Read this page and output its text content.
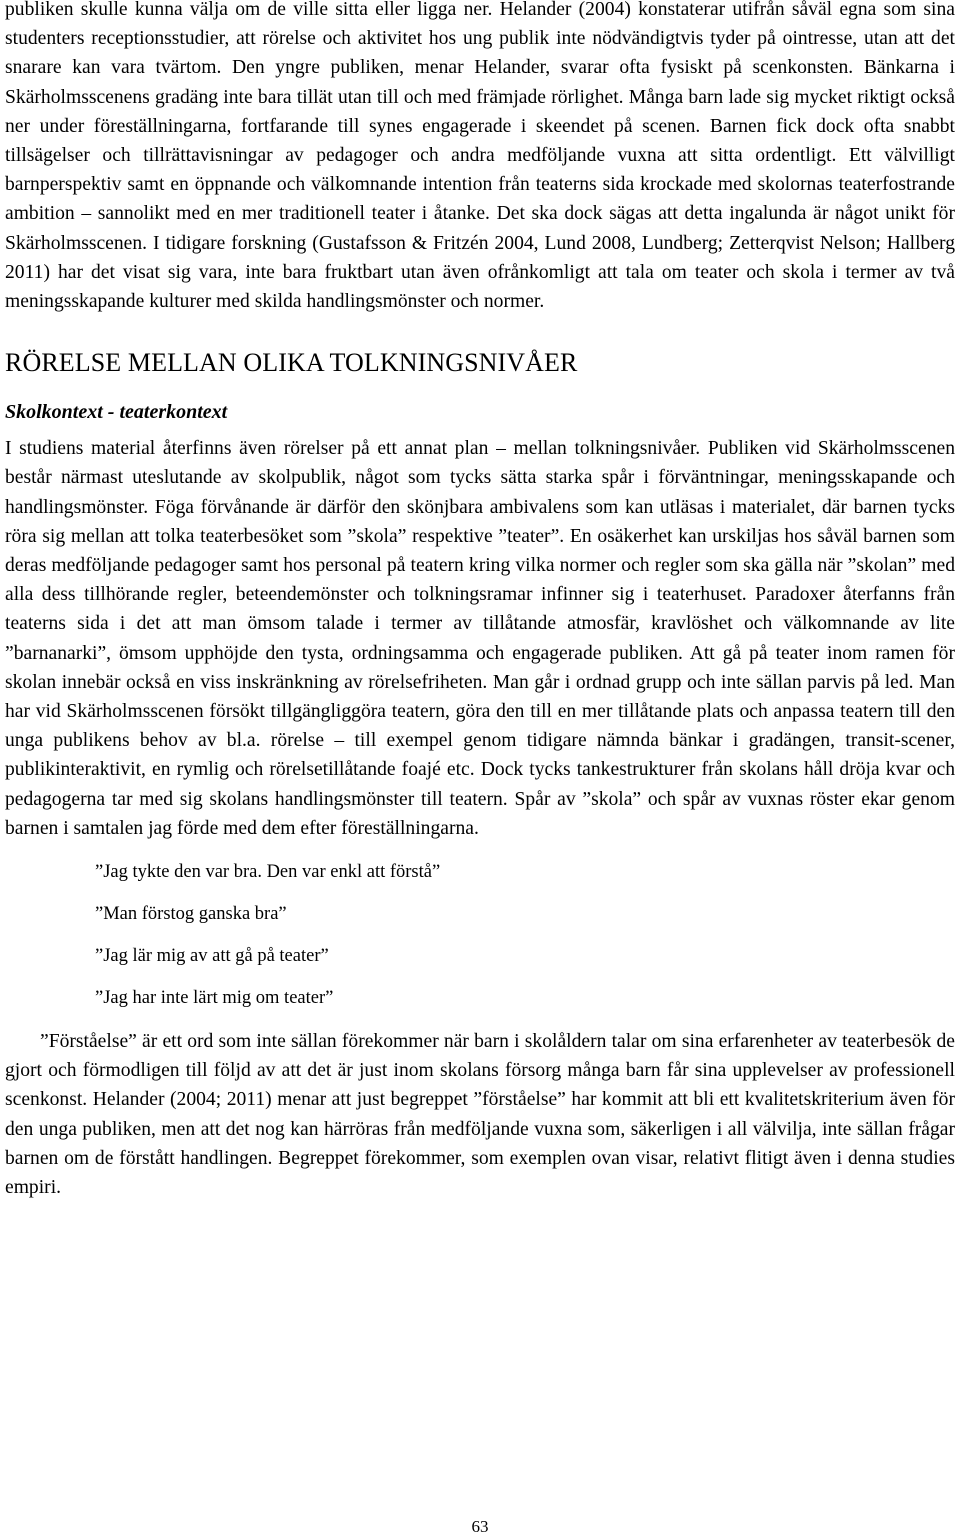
publiken skulle kunna välja om de ville sitta eller ligga ner. Helander (2004) konstaterar utifrån såväl egna som sina studenters receptionsstudier, att rörelse och aktivitet hos ung publik inte nödvändigtvis tyder på ointresse, utan att det snarare kan vara tvärtom. Den yngre publiken, menar Helander, svarar ofta fysiskt på scenkonsten. Bänkarna i Skärholmsscenens gradäng inte bara tillät utan till och med främjade rörlighet. Många barn lade sig mycket riktigt också ner under föreställningarna, fortfarande till synes engagerade i skeendet på scenen. Barnen fick dock ofta snabbt tillsägelser och tillrättavisningar av pedagoger och andra medföljande vuxna att sitta ordentligt. Ett välvilligt barnperspektiv samt en öppnande och välkomnande intention från teaterns sida krockade med skolornas teaterfostrande ambition – sannolikt med en mer traditionell teater i åtanke. Det ska dock sägas att detta ingalunda är något unikt för Skärholmsscenen. I tidigare forskning (Gustafsson & Fritzén 2004, Lund 2008, Lundberg; Zetterqvist Nelson; Hallberg 2011) har det visat sig vara, inte bara fruktbart utan även ofrånkomligt att tala om teater och skola i termer av två meningsskapande kulturer med skilda handlingsmönster och normer.

RÖRELSE MELLAN OLIKA TOLKNINGSNIVÅER
Skolkontext - teaterkontext

I studiens material återfinns även rörelser på ett annat plan – mellan tolkningsnivåer. Publiken vid Skärholmsscenen består närmast uteslutande av skolpublik, något som tycks sätta starka spår i förväntningar, meningsskapande och handlingsmönster. Föga förvånande är därför den skönjbara ambivalens som kan utläsas i materialet, där barnen tycks röra sig mellan att tolka teaterbesöket som ”skola” respektive ”teater”. En osäkerhet kan urskiljas hos såväl barnen som deras medföljande pedagoger samt hos personal på teatern kring vilka normer och regler som ska gälla när ”skolan” med alla dess tillhörande regler, beteendemönster och tolkningsramar infinner sig i teaterhuset. Paradoxer återfanns från teaterns sida i det att man ömsom talade i termer av tillåtande atmosfär, kravlöshet och välkomnande av lite ”barnanarki”, ömsom upphöjde den tysta, ordningsamma och engagerade publiken. Att gå på teater inom ramen för skolan innebär också en viss inskränkning av rörelsefriheten. Man går i ordnad grupp och inte sällan parvis på led. Man har vid Skärholmsscenen försökt tillgängliggöra teatern, göra den till en mer tillåtande plats och anpassa teatern till den unga publikens behov av bl.a. rörelse – till exempel genom tidigare nämnda bänkar i gradängen, transit-scener, publikinteraktivit, en rymlig och rörelsetillåtande foajé etc. Dock tycks tankestrukturer från skolans håll dröja kvar och pedagogerna tar med sig skolans handlingsmönster till teatern. Spår av ”skola” och spår av vuxnas röster ekar genom barnen i samtalen jag förde med dem efter föreställningarna.

”Jag tykte den var bra. Den var enkl att förstå”
”Man förstog ganska bra”
”Jag lär mig av att gå på teater”
”Jag har inte lärt mig om teater”

”Förståelse” är ett ord som inte sällan förekommer när barn i skolåldern talar om sina erfarenheter av teaterbesök de gjort och förmodligen till följd av att det är just inom skolans försorg många barn får sina upplevelser av professionell scenkonst. Helander (2004; 2011) menar att just begreppet ”förståelse” har kommit att bli ett kvalitetskriterium även för den unga publiken, men att det nog kan härröras från medföljande vuxna som, säkerligen i all välvilja, inte sällan frågar barnen om de förstått handlingen. Begreppet förekommer, som exemplen ovan visar, relativt flitigt även i denna studies empiri.

63
